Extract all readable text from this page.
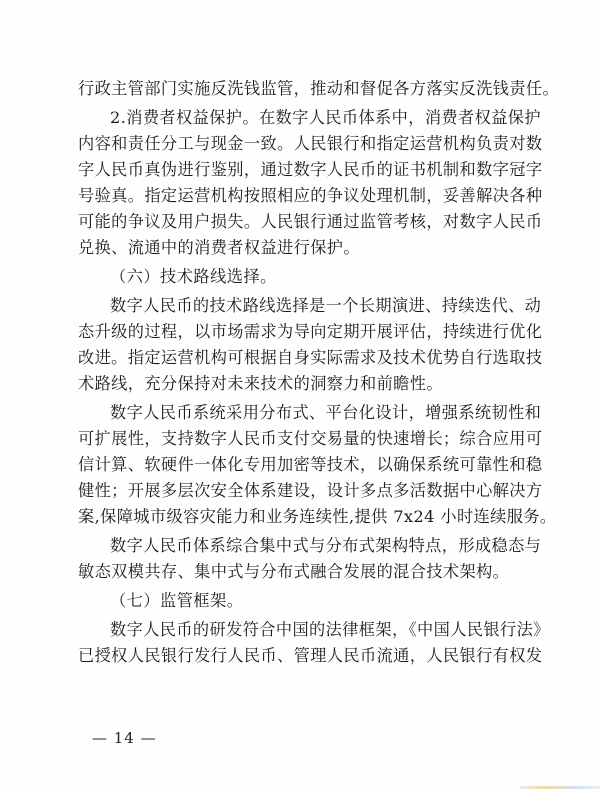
行政主管部门实施反洗钱监管，推动和督促各方落实反洗钱责任。
2.消费者权益保护。在数字人民币体系中，消费者权益保护
内容和责任分工与现金一致。人民银行和指定运营机构负责对数
字人民币真伪进行鉴别，通过数字人民币的证书机制和数字冠字
号验真。指定运营机构按照相应的争议处理机制，妥善解决各种
可能的争议及用户损失。人民银行通过监管考核，对数字人民币
兑换、流通中的消费者权益进行保护。
（六）技术路线选择。
数字人民币的技术路线选择是一个长期演进、持续迭代、动
态升级的过程，以市场需求为导向定期开展评估，持续进行优化
改进。指定运营机构可根据自身实际需求及技术优势自行选取技
术路线，充分保持对未来技术的洞察力和前瞻性。
数字人民币系统采用分布式、平台化设计，增强系统韧性和
可扩展性，支持数字人民币支付交易量的快速增长；综合应用可
信计算、软硬件一体化专用加密等技术，以确保系统可靠性和稳
健性；开展多层次安全体系建设，设计多点多活数据中心解决方
案,保障城市级容灾能力和业务连续性,提供 7x24 小时连续服务。
数字人民币体系综合集中式与分布式架构特点，形成稳态与
敏态双模共存、集中式与分布式融合发展的混合技术架构。
（七）监管框架。
数字人民币的研发符合中国的法律框架，《中国人民银行法》
已授权人民银行发行人民币、管理人民币流通，人民银行有权发
— 14 —
